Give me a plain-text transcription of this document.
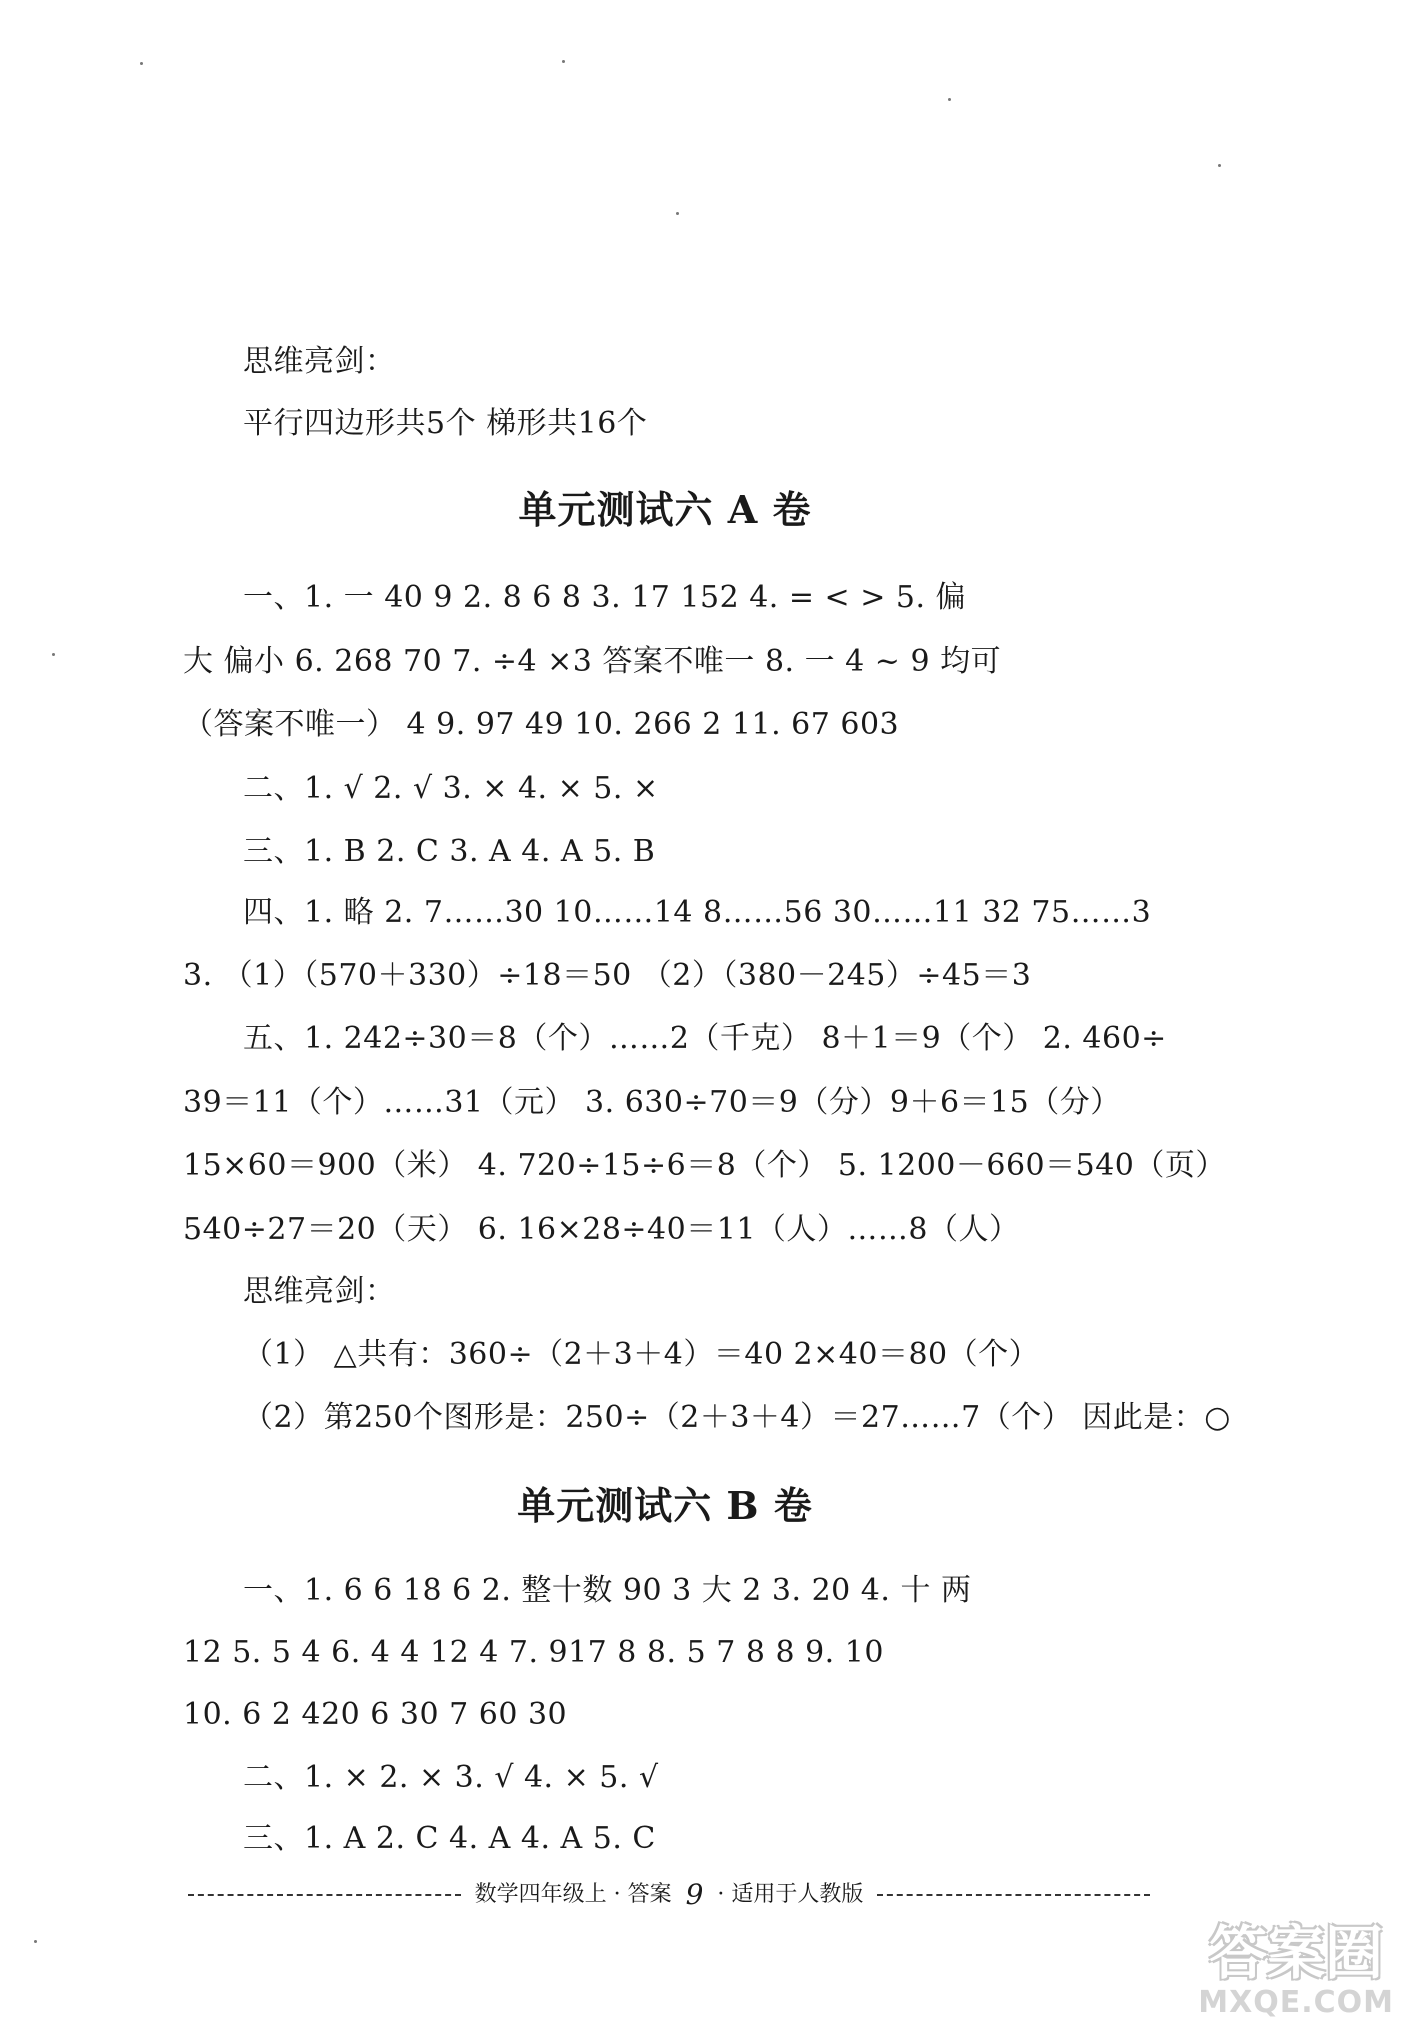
思维亮剑：
平行四边形共5个 梯形共16个
单元测试六 A 卷
一、1. 一 40 9 2. 8 6 8 3. 17 152 4. = < > 5. 偏
大 偏小 6. 268 70 7. ÷4 ×3 答案不唯一 8. 一 4 ~ 9 均可
（答案不唯一） 4 9. 97 49 10. 266 2 11. 67 603
二、1. √ 2. √ 3. × 4. × 5. ×
三、1. B 2. C 3. A 4. A 5. B
四、1. 略 2. 7……30 10……14 8……56 30……11 32 75……3
3. （1）（570＋330）÷18＝50 （2）（380－245）÷45＝3
五、1. 242÷30＝8（个）……2（千克） 8＋1＝9（个） 2. 460÷
39＝11（个）……31（元） 3. 630÷70＝9（分）9＋6＝15（分）
15×60＝900（米） 4. 720÷15÷6＝8（个） 5. 1200－660＝540（页）
540÷27＝20（天） 6. 16×28÷40＝11（人）……8（人）
思维亮剑：
（1） △共有：360÷（2＋3＋4）＝40 2×40＝80（个）
（2）第250个图形是：250÷（2＋3＋4）＝27……7（个） 因此是：○
单元测试六 B 卷
一、1. 6 6 18 6 2. 整十数 90 3 大 2 3. 20 4. 十 两
12 5. 5 4 6. 4 4 12 4 7. 917 8 8. 5 7 8 8 9. 10
10. 6 2 420 6 30 7 60 30
二、1. × 2. × 3. √ 4. × 5. √
三、1. A 2. C 4. A 4. A 5. C
数学四年级上 · 答案 9 · 适用于人教版
答案圈
MXQE.COM
